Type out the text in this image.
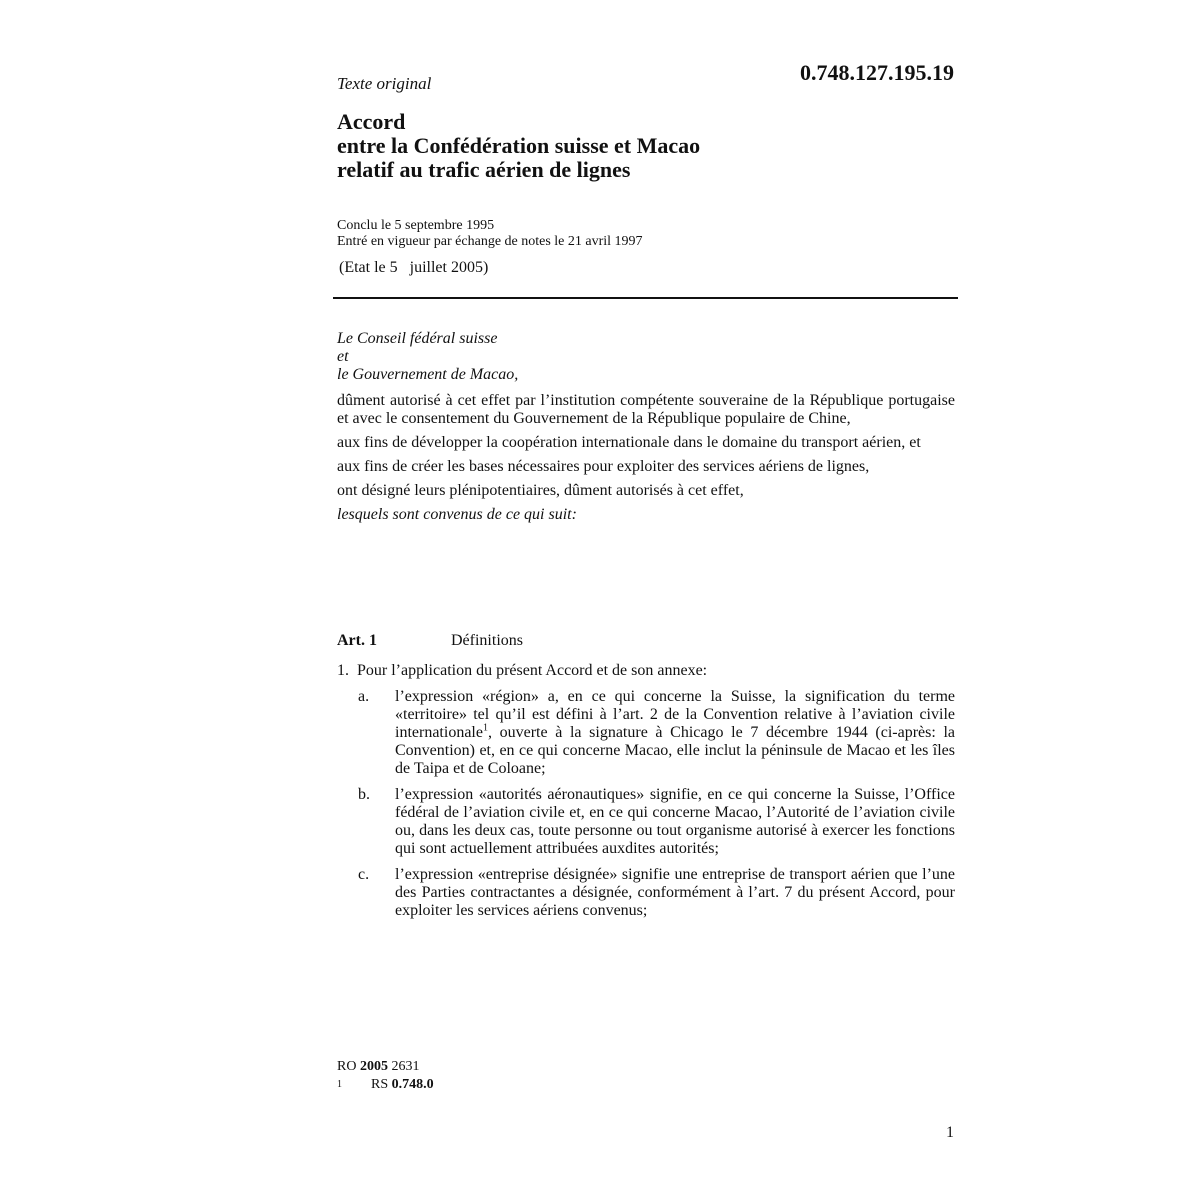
Texte original	0.748.127.195.19
Accord
entre la Confédération suisse et Macao
relatif au trafic aérien de lignes
Conclu le 5 septembre 1995
Entré en vigueur par échange de notes le 21 avril 1997
(Etat le 5   juillet 2005)
Le Conseil fédéral suisse
et
le Gouvernement de Macao,

dûment autorisé à cet effet par l’institution compétente souveraine de la République portugaise et avec le consentement du Gouvernement de la République populaire de Chine,

aux fins de développer la coopération internationale dans le domaine du transport aérien, et

aux fins de créer les bases nécessaires pour exploiter des services aériens de lignes,

ont désigné leurs plénipotentiaires, dûment autorisés à cet effet,

lesquels sont convenus de ce qui suit:

Art. 1	Définitions
1.  Pour l’application du présent Accord et de son annexe:
a. l’expression «région» a, en ce qui concerne la Suisse, la signification du terme «territoire» tel qu’il est défini à l’art. 2 de la Convention relative à l’aviation civile internationale$^1$, ouverte à la signature à Chicago le 7 décembre 1944 (ci-après: la Convention) et, en ce qui concerne Macao, elle inclut la péninsule de Macao et les îles de Taipa et de Coloane;
b. l’expression «autorités aéronautiques» signifie, en ce qui concerne la Suisse, l’Office fédéral de l’aviation civile et, en ce qui concerne Macao, l’Autorité de l’aviation civile ou, dans les deux cas, toute personne ou tout organisme autorisé à exercer les fonctions qui sont actuellement attribuées auxdites autorités;
c. l’expression «entreprise désignée» signifie une entreprise de transport aérien que l’une des Parties contractantes a désignée, conformément à l’art. 7 du présent Accord, pour exploiter les services aériens convenus;
RO 2005 2631
1 RS 0.748.0
1
